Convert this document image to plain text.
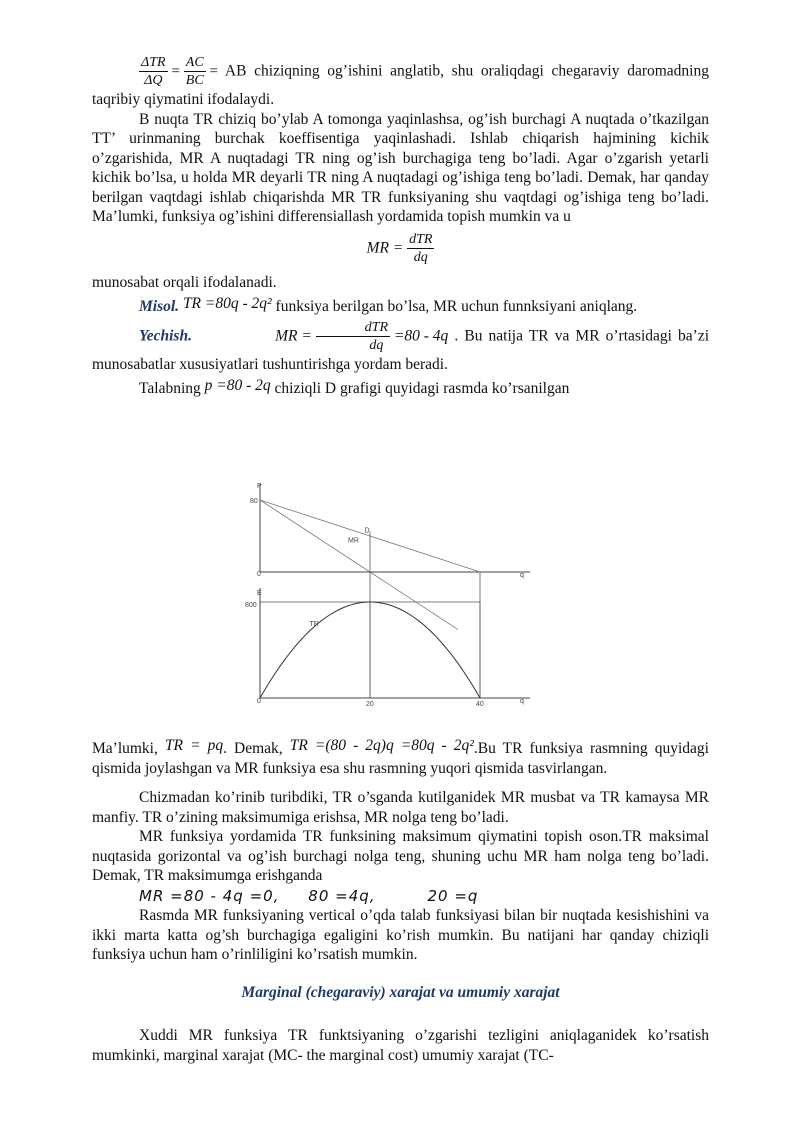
$\frac{\text{ΔTR}}{\Delta Q} = \frac{AC}{BC}$ = AB chiziqning og’ishini anglatib, shu oraliqdagi chegaraviy daromadning taqribiy qiymatini ifodalaydi.

B nuqta TR chiziq bo’ylab A tomonga yaqinlashsa, og’ish burchagi A nuqtada o’tkazilgan TT’ urinmaning burchak koeffisentiga yaqinlashadi. Ishlab chiqarish hajmining kichik o’zgarishida, MR A nuqtadagi TR ning og’ish burchagiga teng bo’ladi. Agar o’zgarish yetarli kichik bo’lsa, u holda MR deyarli TR ning A nuqtadagi og’ishiga teng bo’ladi. Demak, har qanday berilgan vaqtdagi ishlab chiqarishda MR TR funksiyaning shu vaqtdagi og’ishiga teng bo’ladi. Ma’lumki, funksiya og’ishini differensiallash yordamida topish mumkin va u

MR = $\frac{\text{dTR}}{dq}$

munosabat orqali ifodalanadi.

Misol. TR =80q - 2q² funksiya berilgan bo’lsa, MR uchun funnksiyani aniqlang.

Yechish.	MR = $\frac{\text{dTR}}{dq} =80 - 4q$ . Bu natija TR va MR o’rtasidagi ba’zi munosabatlar xususiyatlari tushuntirishga yordam beradi.

Talabning p =80 - 2q chiziqli D grafigi quyidagi rasmda ko’rsanilgan

P
80
0	q
D
MR
E
800
0	q
20	40
TR

Ma’lumki, TR = pq. Demak, TR =(80 - 2q)q =80q - 2q².Bu TR funksiya rasmning quyidagi qismida joylashgan va MR funksiya esa shu rasmning yuqori qismida tasvirlangan.

Chizmadan ko’rinib turibdiki, TR o’sganda kutilganidek MR musbat va TR kamaysa MR manfiy. TR o’zining maksimumiga erishsa, MR nolga teng bo’ladi.

MR funksiya yordamida TR funksining maksimum qiymatini topish oson.TR maksimal nuqtasida gorizontal va og’ish burchagi nolga teng, shuning uchu MR ham nolga teng bo’ladi. Demak, TR maksimumga erishganda

MR =80 - 4q =0,     80 =4q,         20 =q

Rasmda MR funksiyaning vertical o’qda talab funksiyasi bilan bir nuqtada kesishishini va ikki marta katta og’sh burchagiga egaligini ko’rish mumkin. Bu natijani har qanday chiziqli funksiya uchun ham o’rinliligini ko’rsatish mumkin.

Marginal (chegaraviy) xarajat va umumiy xarajat

Xuddi MR funksiya TR funktsiyaning o’zgarishi tezligini aniqlaganidek ko’rsatish mumkinki, marginal xarajat (MC- the marginal cost) umumiy xarajat (TC-
